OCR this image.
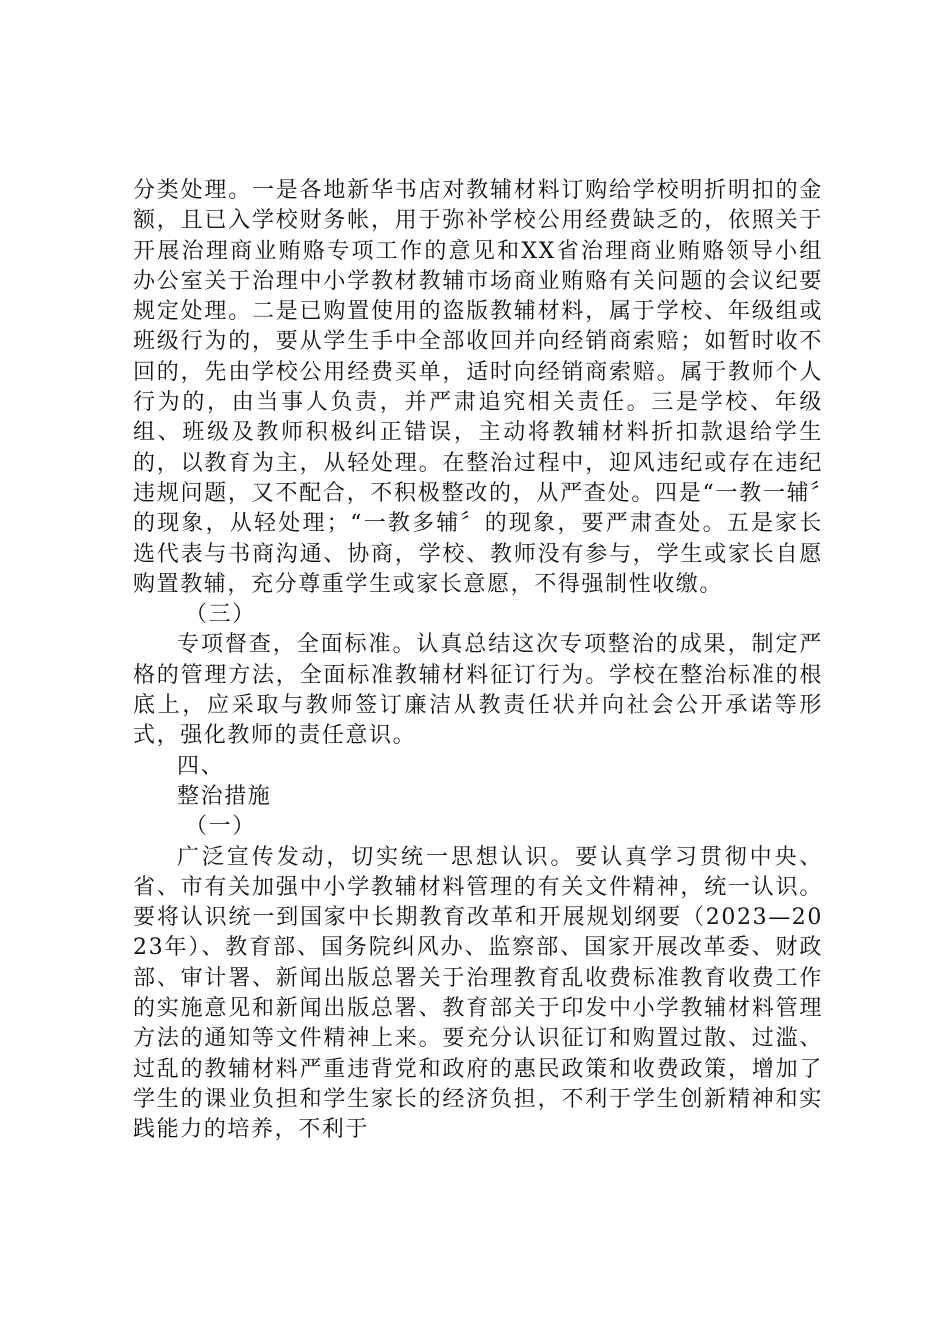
分类处理。一是各地新华书店对教辅材料订购给学校明折明扣的金额，且已入学校财务帐，用于弥补学校公用经费缺乏的，依照关于开展治理商业贿赂专项工作的意见和XX省治理商业贿赂领导小组办公室关于治理中小学教材教辅市场商业贿赂有关问题的会议纪要规定处理。二是已购置使用的盗版教辅材料，属于学校、年级组或班级行为的，要从学生手中全部收回并向经销商索赔；如暂时收不回的，先由学校公用经费买单，适时向经销商索赔。属于教师个人行为的，由当事人负责，并严肃追究相关责任。三是学校、年级组、班级及教师积极纠正错误，主动将教辅材料折扣款退给学生的，以教育为主，从轻处理。在整治过程中，迎风违纪或存在违纪违规问题，又不配合，不积极整改的，从严查处。四是“一教一辅〞的现象，从轻处理；“一教多辅〞的现象，要严肃查处。五是家长选代表与书商沟通、协商，学校、教师没有参与，学生或家长自愿购置教辅，充分尊重学生或家长意愿，不得强制性收缴。

（三）

专项督查，全面标准。认真总结这次专项整治的成果，制定严格的管理方法，全面标准教辅材料征订行为。学校在整治标准的根底上，应采取与教师签订廉洁从教责任状并向社会公开承诺等形式，强化教师的责任意识。

四、

整治措施

（一）

广泛宣传发动，切实统一思想认识。要认真学习贯彻中央、省、市有关加强中小学教辅材料管理的有关文件精神，统一认识。要将认识统一到国家中长期教育改革和开展规划纲要（2023—2023年）、教育部、国务院纠风办、监察部、国家开展改革委、财政部、审计署、新闻出版总署关于治理教育乱收费标准教育收费工作的实施意见和新闻出版总署、教育部关于印发中小学教辅材料管理方法的通知等文件精神上来。要充分认识征订和购置过散、过滥、过乱的教辅材料严重违背党和政府的惠民政策和收费政策，增加了学生的课业负担和学生家长的经济负担，不利于学生创新精神和实践能力的培养，不利于
